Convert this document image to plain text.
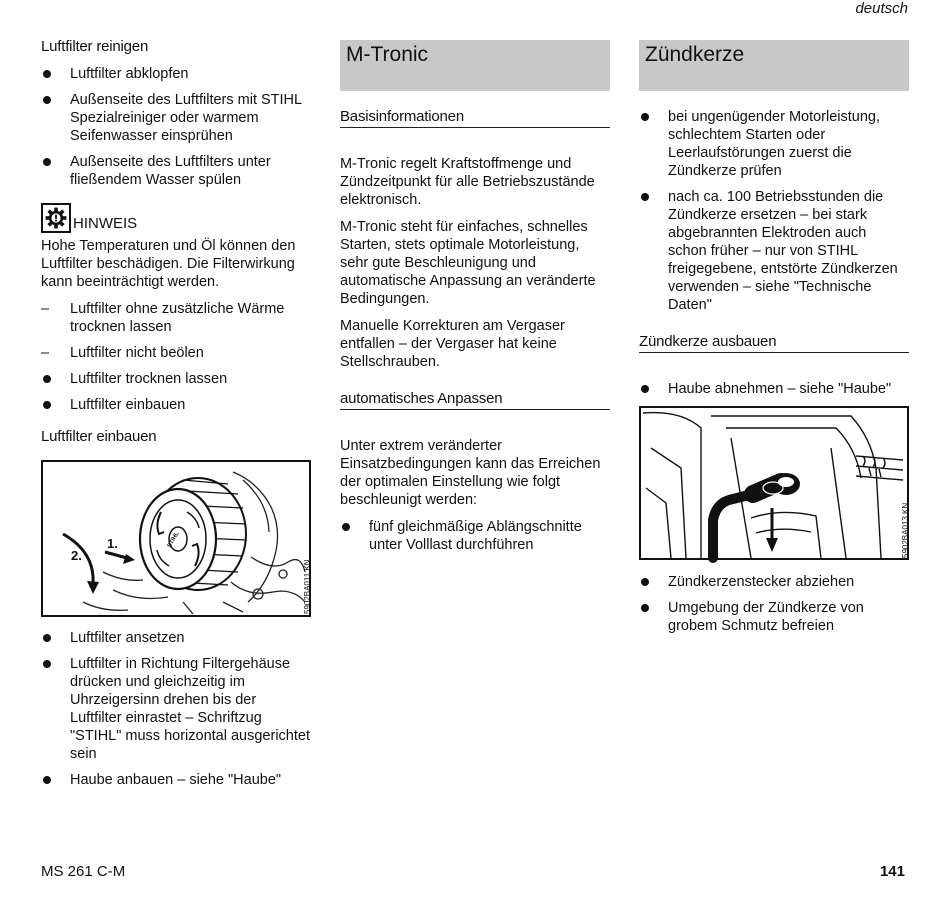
deutsch
Luftfilter reinigen
Luftfilter abklopfen
Außenseite des Luftfilters mit STIHL Spezialreiniger oder warmem Seifenwasser einsprühen
Außenseite des Luftfilters unter fließendem Wasser spülen
HINWEIS

Hohe Temperaturen und Öl können den Luftfilter beschädigen. Die Filterwirkung kann beeinträchtigt werden.

– Luftfilter ohne zusätzliche Wärme trocknen lassen
– Luftfilter nicht beölen
Luftfilter trocknen lassen
Luftfilter einbauen
Luftfilter einbauen
1.
2.
STIHL
5902BA011 KN
Luftfilter ansetzen
Luftfilter in Richtung Filtergehäuse drücken und gleichzeitig im Uhrzeigersinn drehen bis der Luftfilter einrastet – Schriftzug "STIHL" muss horizontal ausgerichtet sein
Haube anbauen – siehe "Haube"
M-Tronic
Basisinformationen

M-Tronic regelt Kraftstoffmenge und Zündzeitpunkt für alle Betriebszustände elektronisch.

M-Tronic steht für einfaches, schnelles Starten, stets optimale Motorleistung, sehr gute Beschleunigung und automatische Anpassung an veränderte Bedingungen.

Manuelle Korrekturen am Vergaser entfallen – der Vergaser hat keine Stellschrauben.

automatisches Anpassen

Unter extrem veränderter Einsatzbedingungen kann das Erreichen der optimalen Einstellung wie folgt beschleunigt werden:

fünf gleichmäßige Ablängschnitte unter Volllast durchführen
Zündkerze
bei ungenügender Motorleistung, schlechtem Starten oder Leerlaufstörungen zuerst die Zündkerze prüfen
nach ca. 100 Betriebsstunden die Zündkerze ersetzen – bei stark abgebrannten Elektroden auch schon früher – nur von STIHL freigegebene, entstörte Zündkerzen verwenden – siehe "Technische Daten"
Zündkerze ausbauen
Haube abnehmen – siehe "Haube"
5902BA013 KN
Zündkerzenstecker abziehen
Umgebung der Zündkerze von grobem Schmutz befreien
MS 261 C-M	141
